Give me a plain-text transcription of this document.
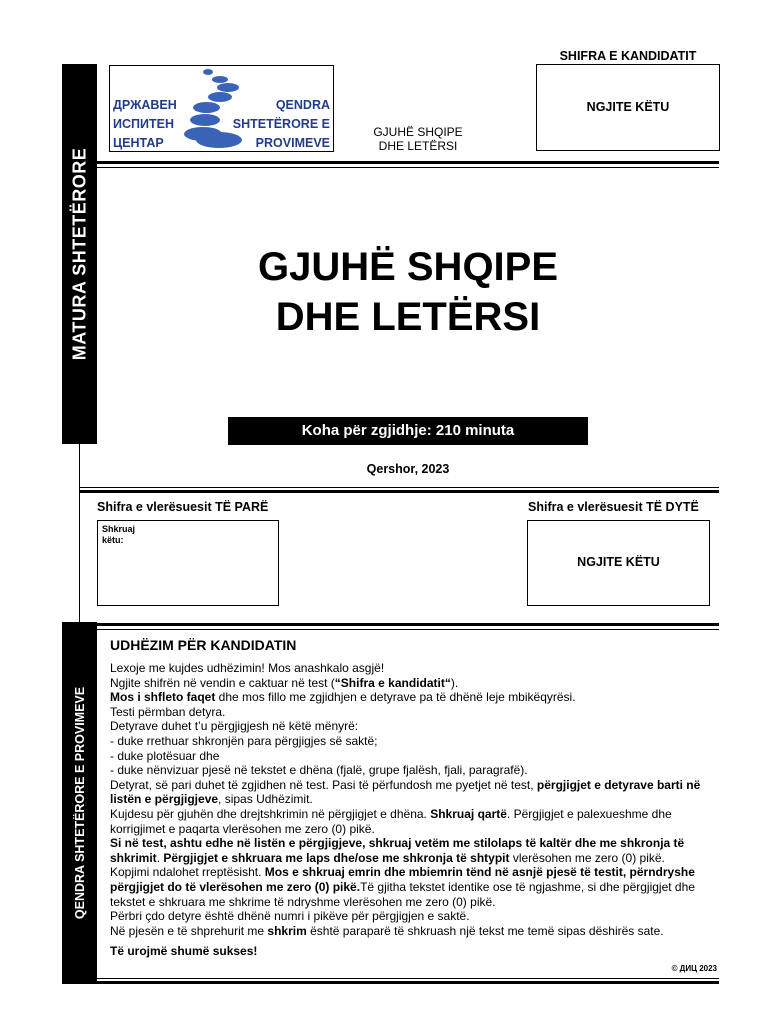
MATURA SHTETËRORE
QENDRA SHTETËRORE E PROVIMEVE
ДРЖАВЕН
ИСПИТЕН
ЦЕНТАР
QENDRA
SHTETËRORE E
PROVIMEVE
GJUHË SHQIPE
DHE LETËRSI
SHIFRA E KANDIDATIT
NGJITE KËTU
GJUHË SHQIPE
DHE LETËRSI
Koha për zgjidhje: 210 minuta
Qershor, 2023
Shifra e vlerësuesit TË PARË
Shkruaj
këtu:
Shifra e vlerësuesit TË DYTË
NGJITE KËTU
UDHËZIM PËR KANDIDATIN

Lexoje me kujdes udhëzimin! Mos anashkalo asgjë!

Ngjite shifrën në vendin e caktuar në test (“Shifra e kandidatit“).

Mos i shfleto faqet dhe mos fillo me zgjidhjen e detyrave pa të dhënë leje mbikëqyrësi.

Testi përmban detyra.

Detyrave duhet t’u përgjigjesh në këtë mënyrë:

- duke rrethuar shkronjën para përgjigjes së saktë;

- duke plotësuar dhe

- duke nënvizuar pjesë në tekstet e dhëna (fjalë, grupe fjalësh, fjali, paragrafë).

Detyrat, së pari duhet të zgjidhen në test. Pasi të përfundosh me pyetjet në test, përgjigjet e detyrave barti në listën e përgjigjeve, sipas Udhëzimit.

Kujdesu për gjuhën dhe drejtshkrimin në përgjigjet e dhëna. Shkruaj qartë. Përgjigjet e palexueshme dhe korrigjimet e paqarta vlerësohen me zero (0) pikë.

Si në test, ashtu edhe në listën e përgjigjeve, shkruaj vetëm me stilolaps të kaltër dhe me shkronja të shkrimit. Përgjigjet e shkruara me laps dhe/ose me shkronja të shtypit vlerësohen me zero (0) pikë.

Kopjimi ndalohet rreptësisht. Mos e shkruaj emrin dhe mbiemrin tënd në asnjë pjesë të testit, përndryshe përgjigjet do të vlerësohen me zero (0) pikë.Të gjitha tekstet identike ose të ngjashme, si dhe përgjigjet dhe tekstet e shkruara me shkrime të ndryshme vlerësohen me zero (0) pikë.

Përbri çdo detyre është dhënë numri i pikëve për përgjigjen e saktë.

Në pjesën e të shprehurit me shkrim është paraparë të shkruash një tekst me temë sipas dëshirës sate.

Të urojmë shumë sukses!
© ДИЦ 2023
